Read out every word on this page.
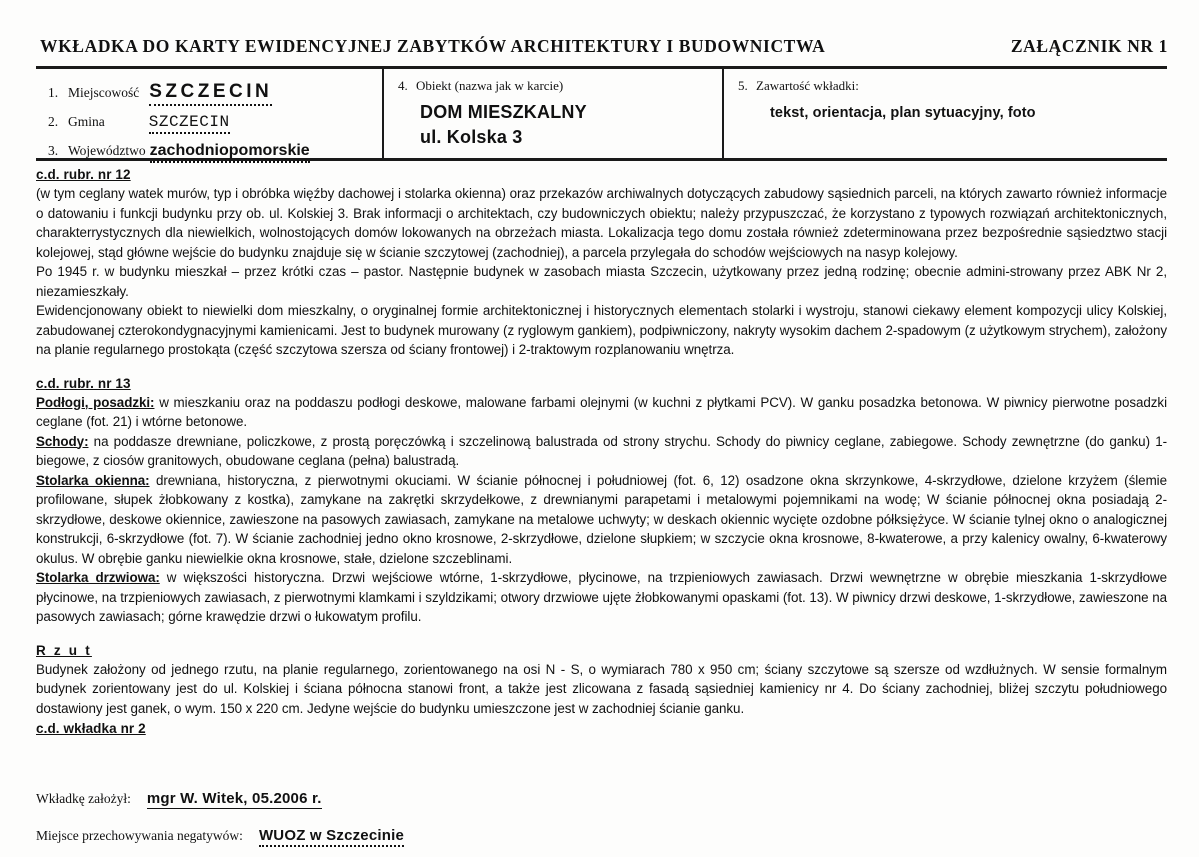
WKŁADKA DO KARTY EWIDENCYJNEJ ZABYTKÓW ARCHITEKTURY I BUDOWNICTWA	ZAŁĄCZNIK NR 1
1. Miejscowość SZCZECIN
2. Gmina	SZCZECIN
3. Województwo zachodniopomorskie
4. Obiekt (nazwa jak w karcie)
DOM MIESZKALNY
ul. Kolska 3
5. Zawartość wkładki:
tekst, orientacja, plan sytuacyjny, foto
c.d. rubr. nr 12

(w tym ceglany watek murów, typ i obróbka więźby dachowej i stolarka okienna) oraz przekazów archiwalnych dotyczących zabudowy sąsiednich parceli, na których zawarto również informacje o datowaniu i funkcji budynku przy ob. ul. Kolskiej 3. Brak informacji o architektach, czy budowniczych obiektu; należy przypuszczać, że korzystano z typowych rozwiązań architektonicznych, charakterrystycznych dla niewielkich, wolnostojących domów lokowanych na obrzeżach miasta. Lokalizacja tego domu została również zdeterminowana przez bezpośrednie sąsiedztwo stacji kolejowej, stąd główne wejście do budynku znajduje się w ścianie szczytowej (zachodniej), a parcela przylegała do schodów wejściowych na nasyp kolejowy.

Po 1945 r. w budynku mieszkał – przez krótki czas – pastor. Następnie budynek w zasobach miasta Szczecin, użytkowany przez jedną rodzinę; obecnie admini-strowany przez ABK Nr 2, niezamieszkały.

Ewidencjonowany obiekt to niewielki dom mieszkalny, o oryginalnej formie architektonicznej i historycznych elementach stolarki i wystroju, stanowi ciekawy element kompozycji ulicy Kolskiej, zabudowanej czterokondygnacyjnymi kamienicami. Jest to budynek murowany (z ryglowym gankiem), podpiwniczony, nakryty wysokim dachem 2-spadowym (z użytkowym strychem), założony na planie regularnego prostokąta (część szczytowa szersza od ściany frontowej) i 2-traktowym rozplanowaniu wnętrza.

c.d. rubr. nr 13

Podłogi, posadzki: w mieszkaniu oraz na poddaszu podłogi deskowe, malowane farbami olejnymi (w kuchni z płytkami PCV). W ganku posadzka betonowa. W piwnicy pierwotne posadzki ceglane (fot. 21) i wtórne betonowe.

Schody: na poddasze drewniane, policzkowe, z prostą poręczówką i szczelinową balustrada od strony strychu. Schody do piwnicy ceglane, zabiegowe. Schody zewnętrzne (do ganku) 1-biegowe, z ciosów granitowych, obudowane ceglana (pełna) balustradą.

Stolarka okienna: drewniana, historyczna, z pierwotnymi okuciami. W ścianie północnej i południowej (fot. 6, 12) osadzone okna skrzynkowe, 4-skrzydłowe, dzielone krzyżem (ślemie profilowane, słupek żłobkowany z kostka), zamykane na zakrętki skrzydełkowe, z drewnianymi parapetami i metalowymi pojemnikami na wodę; W ścianie północnej okna posiadają 2-skrzydłowe, deskowe okiennice, zawieszone na pasowych zawiasach, zamykane na metalowe uchwyty; w deskach okiennic wycięte ozdobne półksiężyce. W ścianie tylnej okno o analogicznej konstrukcji, 6-skrzydłowe (fot. 7). W ścianie zachodniej jedno okno krosnowe, 2-skrzydłowe, dzielone słupkiem; w szczycie okna krosnowe, 8-kwaterowe, a przy kalenicy owalny, 6-kwaterowy okulus. W obrębie ganku niewielkie okna krosnowe, stałe, dzielone szczeblinami.

Stolarka drzwiowa: w większości historyczna. Drzwi wejściowe wtórne, 1-skrzydłowe, płycinowe, na trzpieniowych zawiasach. Drzwi wewnętrzne w obrębie mieszkania 1-skrzydłowe płycinowe, na trzpieniowych zawiasach, z pierwotnymi klamkami i szyldzikami; otwory drzwiowe ujęte żłobkowanymi opaskami (fot. 13). W piwnicy drzwi deskowe, 1-skrzydłowe, zawieszone na pasowych zawiasach; górne krawędzie drzwi o łukowatym profilu.

R z u t

Budynek założony od jednego rzutu, na planie regularnego, zorientowanego na osi N - S, o wymiarach 780 x 950 cm; ściany szczytowe są szersze od wzdłużnych. W sensie formalnym budynek zorientowany jest do ul. Kolskiej i ściana północna stanowi front, a także jest zlicowana z fasadą sąsiedniej kamienicy nr 4. Do ściany zachodniej, bliżej szczytu południowego dostawiony jest ganek, o wym. 150 x 220 cm. Jedyne wejście do budynku umieszczone jest w zachodniej ścianie ganku.

c.d. wkładka nr 2
Wkładkę założył: mgr W. Witek, 05.2006 r.
Miejsce przechowywania negatywów: WUOZ w Szczecinie
